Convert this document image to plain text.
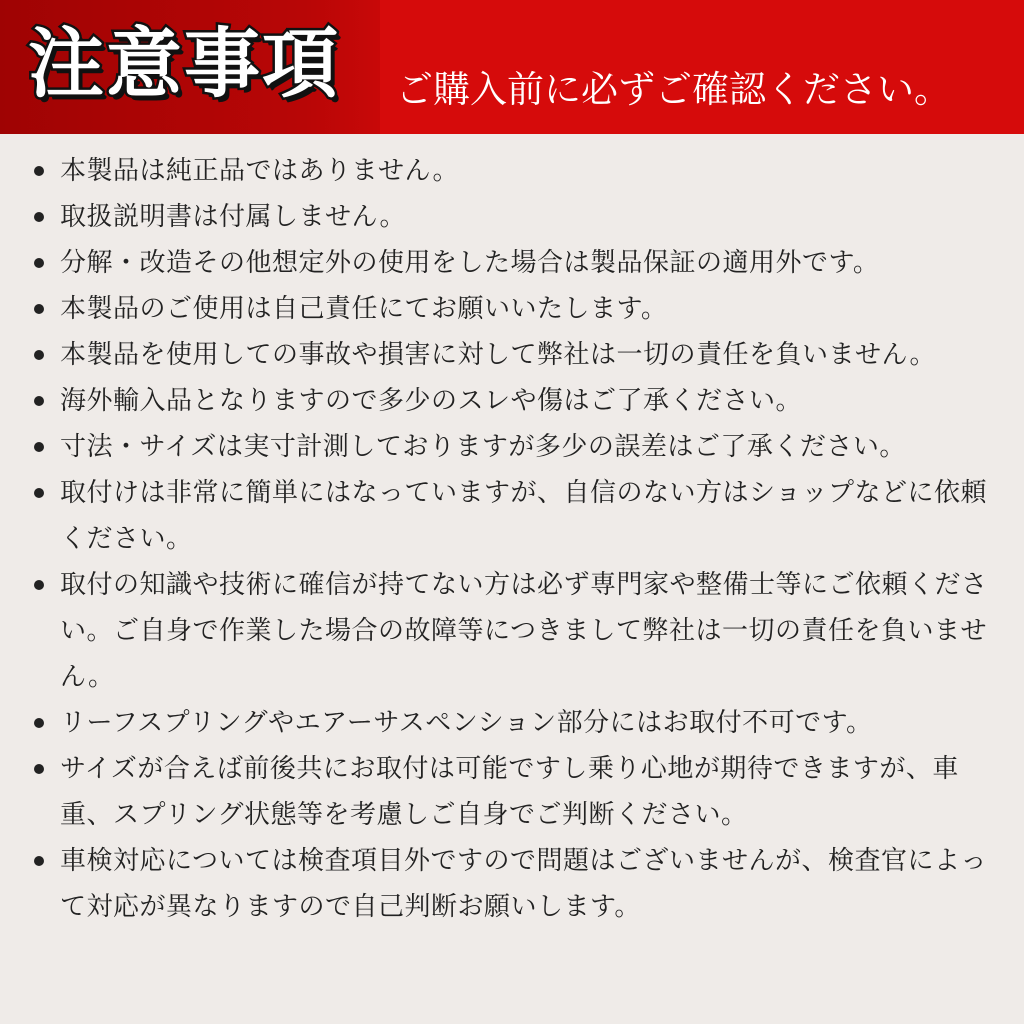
注意事項 ご購入前に必ずご確認ください。
本製品は純正品ではありません。
取扱説明書は付属しません。
分解・改造その他想定外の使用をした場合は製品保証の適用外です。
本製品のご使用は自己責任にてお願いいたします。
本製品を使用しての事故や損害に対して弊社は一切の責任を負いません。
海外輸入品となりますので多少のスレや傷はご了承ください。
寸法・サイズは実寸計測しておりますが多少の誤差はご了承ください。
取付けは非常に簡単にはなっていますが、自信のない方はショップなどに依頼ください。
取付の知識や技術に確信が持てない方は必ず専門家や整備士等にご依頼ください。ご自身で作業した場合の故障等につきまして弊社は一切の責任を負いません。
リーフスプリングやエアーサスペンション部分にはお取付不可です。
サイズが合えば前後共にお取付は可能ですし乗り心地が期待できますが、車重、スプリング状態等を考慮しご自身でご判断ください。
車検対応については検査項目外ですので問題はございませんが、検査官によって対応が異なりますので自己判断お願いします。
